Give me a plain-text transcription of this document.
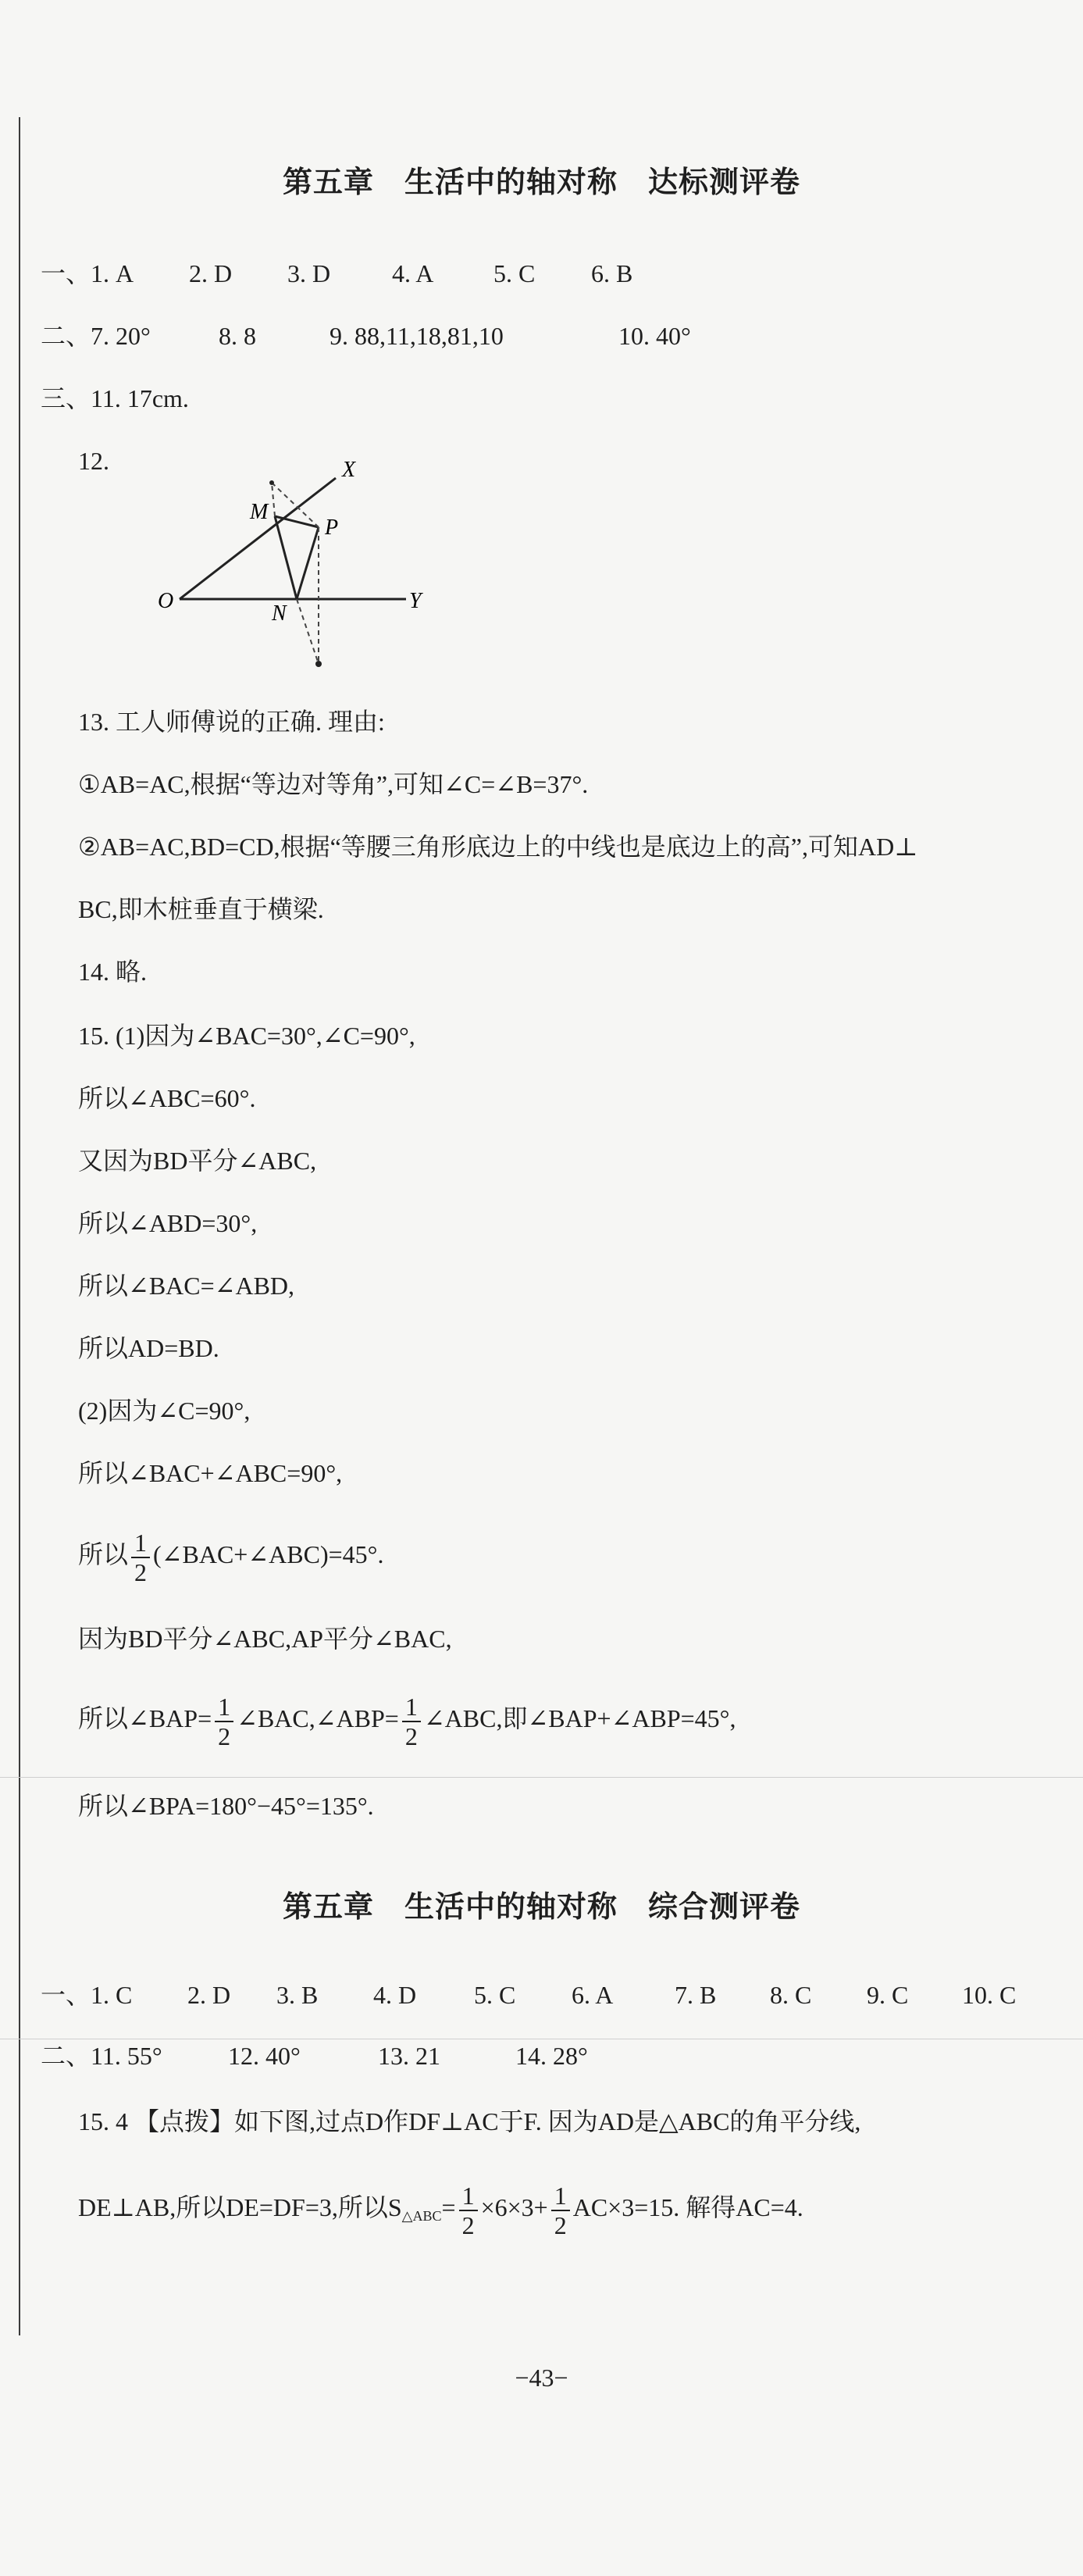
第五章　生活中的轴对称　达标测评卷
一、1. A 2. D 3. D 4. A 5. C 6. B
二、7. 20°	8. 8	9. 88,11,18,81,10	10. 40°
三、11. 17cm.
12.	X
M
P
O
N
Y
13. 工人师傅说的正确. 理由:
①AB=AC,根据“等边对等角”,可知∠C=∠B=37°.
②AB=AC,BD=CD,根据“等腰三角形底边上的中线也是底边上的高”,可知AD⊥
BC,即木桩垂直于横梁.
14. 略.
15. (1)因为∠BAC=30°,∠C=90°,
所以∠ABC=60°.
又因为BD平分∠ABC,
所以∠ABD=30°,
所以∠BAC=∠ABD,
所以AD=BD.
(2)因为∠C=90°,
所以∠BAC+∠ABC=90°,
所以 $\frac{1}{2}$ (∠BAC+∠ABC)=45°.
因为BD平分∠ABC,AP平分∠BAC,
所以∠BAP= $\frac{1}{2}$ ∠BAC,∠ABP= $\frac{1}{2}$ ∠ABC,即∠BAP+∠ABP=45°,
所以∠BPA=180°−45°=135°.
第五章　生活中的轴对称　综合测评卷
一、1. C 2. D 3. B 4. D 5. C 6. A 7. B 8. C 9. C 10. C
二、11. 55°	12. 40°	13. 21	14. 28°
15. 4 【点拨】如下图,过点D作DF⊥AC于F. 因为AD是△ABC的角平分线,
DE⊥AB,所以DE=DF=3,所以$S_{\triangle ABC}= \frac{1}{2} \times 6\times 3+ \frac{1}{2} AC\times 3=15$. 解得AC=4.
−43−
